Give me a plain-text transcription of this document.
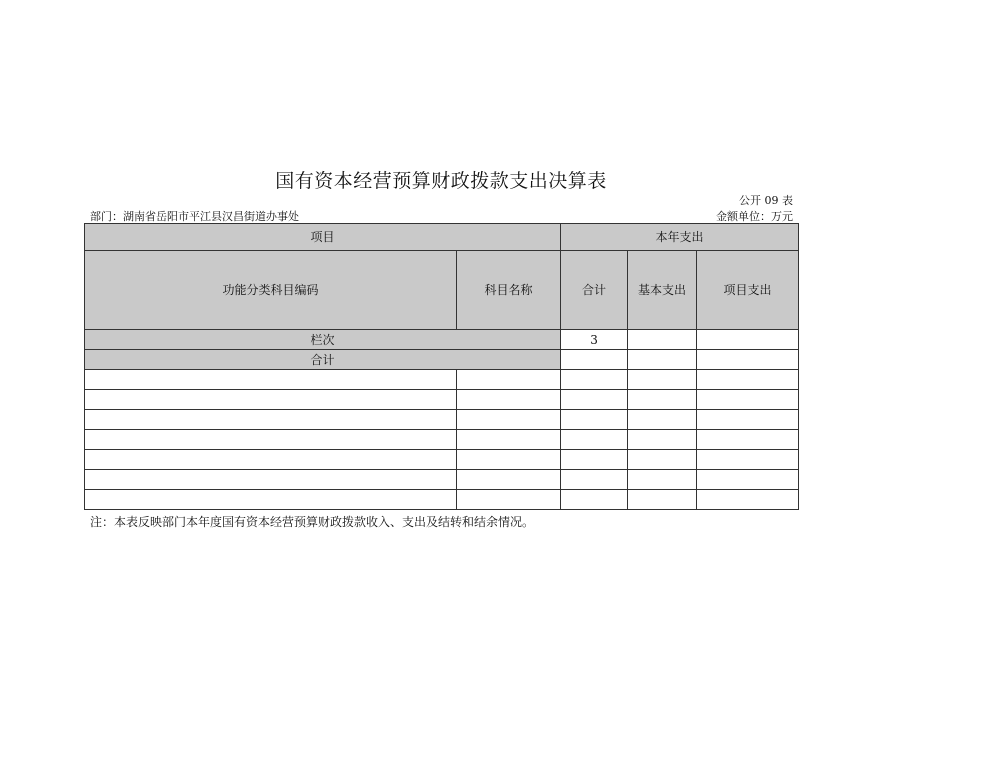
国有资本经营预算财政拨款支出决算表
公开 09 表
部门：湖南省岳阳市平江县汉昌街道办事处	金额单位：万元
项目		本年支出		
功能分类科目编码	科目名称	合计	基本支出	项目支出
栏次		3		
合计				

注：本表反映部门本年度国有资本经营预算财政拨款收入、支出及结转和结余情况。
